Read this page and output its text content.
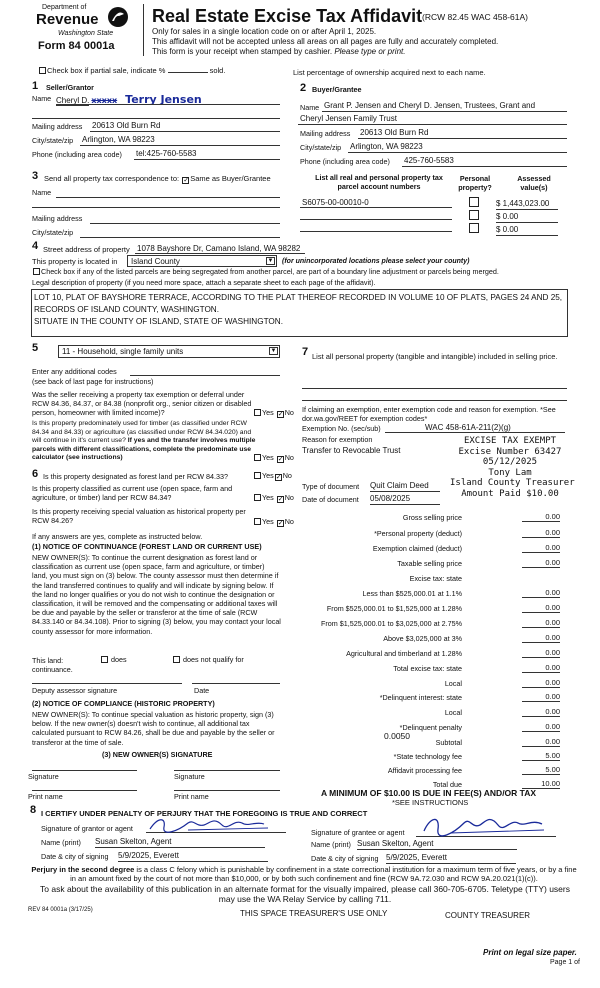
Department of
Revenue
Washington State
Form 84 0001a
Real Estate Excise Tax Affidavit (RCW 82.45 WAC 458-61A)
Only for sales in a single location code on or after April 1, 2025.
This affidavit will not be accepted unless all areas on all pages are fully and accurately completed.
This form is your receipt when stamped by cashier. Please type or print.
Check box if partial sale, indicate %	sold.	List percentage of ownership acquired next to each name.
1 Seller/Grantor
Name Cheryl D. xxxxx Terry Jensen
Mailing address 20613 Old Burn Rd
City/state/zip Arlington, WA 98223
Phone (including area code) tel:425-760-5583
2 Buyer/Grantee
Name Grant P. Jensen and Cheryl D. Jensen, Trustees, Grant and
Cheryl Jensen Family Trust
Mailing address 20613 Old Burn Rd
City/state/zip Arlington, WA 98223
Phone (including area code) 425-760-5583
3 Send all property tax correspondence to: ✓Same as Buyer/Grantee
Name
Mailing address
City/state/zip
List all real and personal property tax parcel account numbers
Personal property?
Assessed value(s)
S6075-00-00010-0	$ 1,443,023.00
$ 0.00
$ 0.00
4 Street address of property 1078 Bayshore Dr, Camano Island, WA 98282
This property is located in	Island County	▼ (for unincorporated locations please select your county)
Check box if any of the listed parcels are being segregated from another parcel, are part of a boundary line adjustment or parcels being merged.
Legal description of property (if you need more space, attach a separate sheet to each page of the affidavit).
LOT 10, PLAT OF BAYSHORE TERRACE, ACCORDING TO THE PLAT THEREOF RECORDED IN VOLUME 10 OF PLATS, PAGES 24 AND 25,
RECORDS OF ISLAND COUNTY, WASHINGTON.
SITUATE IN THE COUNTY OF ISLAND, STATE OF WASHINGTON.
5	11 - Household, single family units	▼
Enter any additional codes
(see back of last page for instructions)
Was the seller receiving a property tax exemption or deferral under RCW 84.36, 84.37, or 84.38 (nonprofit org., senior citizen or disabled person, homeowner with limited income)?	Yes ✓No
Is this property predominately used for timber (as classified under RCW 84.34 and 84.33) or agriculture (as classified under RCW 84.34.020) and will continue in it's current use? If yes and the transfer involves multiple parcels with different classifications, complete the predominate use calculator (see instructions)	Yes ✓No
6 Is this property designated as forest land per RCW 84.33?	Yes ✓No
Is this property classified as current use (open space, farm and agriculture, or timber) land per RCW 84.34?	Yes ✓No
Is this property receiving special valuation as historical property per RCW 84.26?	Yes ✓No
If any answers are yes, complete as instructed below.
(1) NOTICE OF CONTINUANCE (FOREST LAND OR CURRENT USE)
NEW OWNER(S): To continue the current designation as forest land or classification as current use (open space, farm and agriculture, or timber) land, you must sign on (3) below. The county assessor must then determine if the land transferred continues to qualify and will indicate by signing below. If the land no longer qualifies or you do not wish to continue the designation or classification, it will be removed and the compensating or additional taxes will be due and payable by the seller or transferor at the time of sale (RCW 84.33.140 or 84.34.108). Prior to signing (3) below, you may contact your local county assessor for more information.
This land:	does	does not qualify for
continuance.
Deputy assessor signature	Date
(2) NOTICE OF COMPLIANCE (HISTORIC PROPERTY)
NEW OWNER(S): To continue special valuation as historic property, sign (3) below. If the new owner(s) doesn't wish to continue, all additional tax calculated pursuant to RCW 84.26, shall be due and payable by the seller or transferor at the time of sale.
(3) NEW OWNER(S) SIGNATURE
Signature	Signature
Print name	Print name
7 List all personal property (tangible and intangible) included in selling price.
If claiming an exemption, enter exemption code and reason for exemption. *See dor.wa.gov/REET for exemption codes*
Exemption No. (sec/sub)	WAC 458-61A-211(2)(g)
Reason for exemption
Transfer to Revocable Trust
Type of document Quit Claim Deed
Date of document 05/08/2025
EXCISE TAX EXEMPT
Excise Number 63427
05/12/2025
Tony Lam
Island County Treasurer
Amount Paid $10.00
Gross selling price	0.00
*Personal property (deduct)	0.00
Exemption claimed (deduct)	0.00
Taxable selling price	0.00
Excise tax: state
Less than $525,000.01 at 1.1%	0.00
From $525,000.01 to $1,525,000 at 1.28%	0.00
From $1,525,000.01 to $3,025,000 at 2.75%	0.00
Above $3,025,000 at 3%	0.00
Agricultural and timberland at 1.28%	0.00
Total excise tax: state	0.00
Local	0.00
*Delinquent interest: state	0.00
Local	0.00
*Delinquent penalty	0.00
Subtotal	0.00
*State technology fee	5.00
Affidavit processing fee	5.00
Total due	10.00
0.0050
A MINIMUM OF $10.00 IS DUE IN FEE(S) AND/OR TAX
*SEE INSTRUCTIONS
8 I CERTIFY UNDER PENALTY OF PERJURY THAT THE FOREGOING IS TRUE AND CORRECT
Signature of grantor or agent
Name (print) Susan Skelton, Agent
Date & city of signing 5/9/2025, Everett
Signature of grantee or agent
Name (print) Susan Skelton, Agent
Date & city of signing 5/9/2025, Everett
Perjury in the second degree is a class C felony which is punishable by confinement in a state correctional institution for a maximum term of five years, or by a fine in an amount fixed by the court of not more than $10,000, or by both such confinement and fine (RCW 9A.72.030 and RCW 9A.20.021(1)(c)).
To ask about the availability of this publication in an alternate format for the visually impaired, please call 360-705-6705. Teletype (TTY) users may use the WA Relay Service by calling 711.
REV 84 0001a (3/17/25)	THIS SPACE TREASURER'S USE ONLY	COUNTY TREASURER
Print on legal size paper.
Page 1 of
